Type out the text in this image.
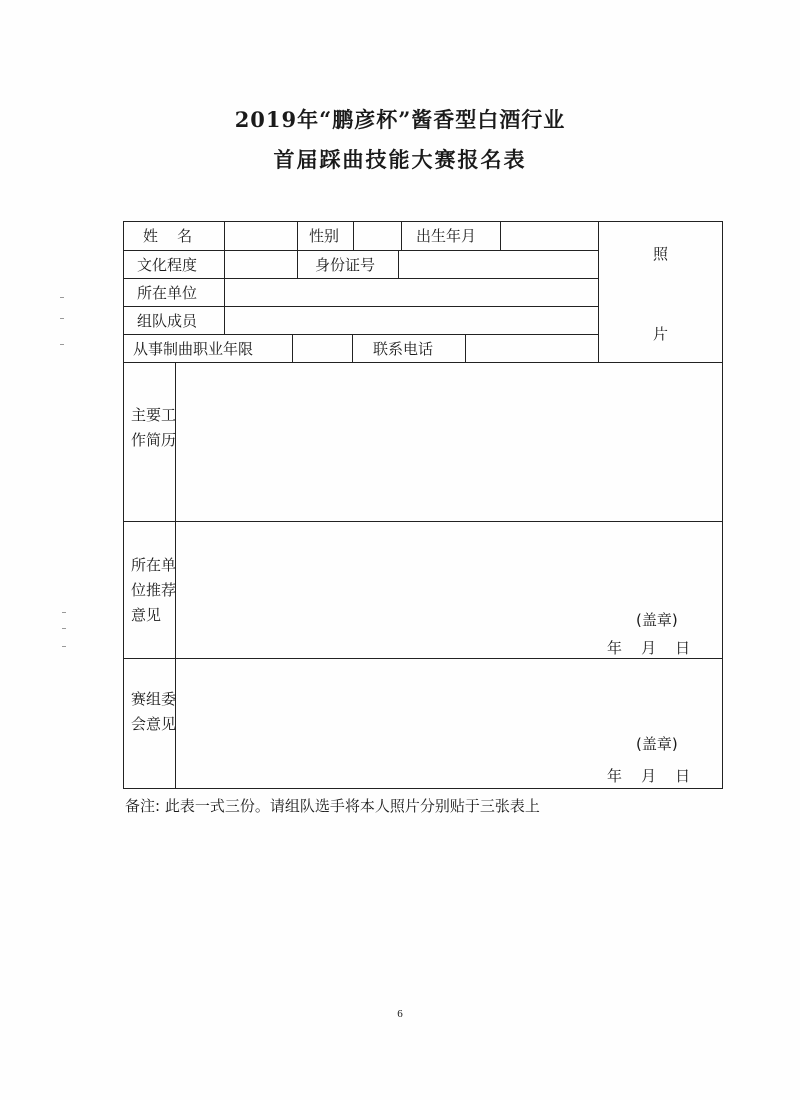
2019年“鹏彦杯”酱香型白酒行业
首届踩曲技能大赛报名表
姓    名	性别	出生年月
文化程度	身份证号
所在单位
组队成员
从事制曲职业年限	联系电话
照
片
主要工作简历
所在单位推荐意见	(盖章)
年    月    日
赛组委会意见
(盖章)
年    月    日
备注: 此表一式三份。请组队选手将本人照片分别贴于三张表上
6
